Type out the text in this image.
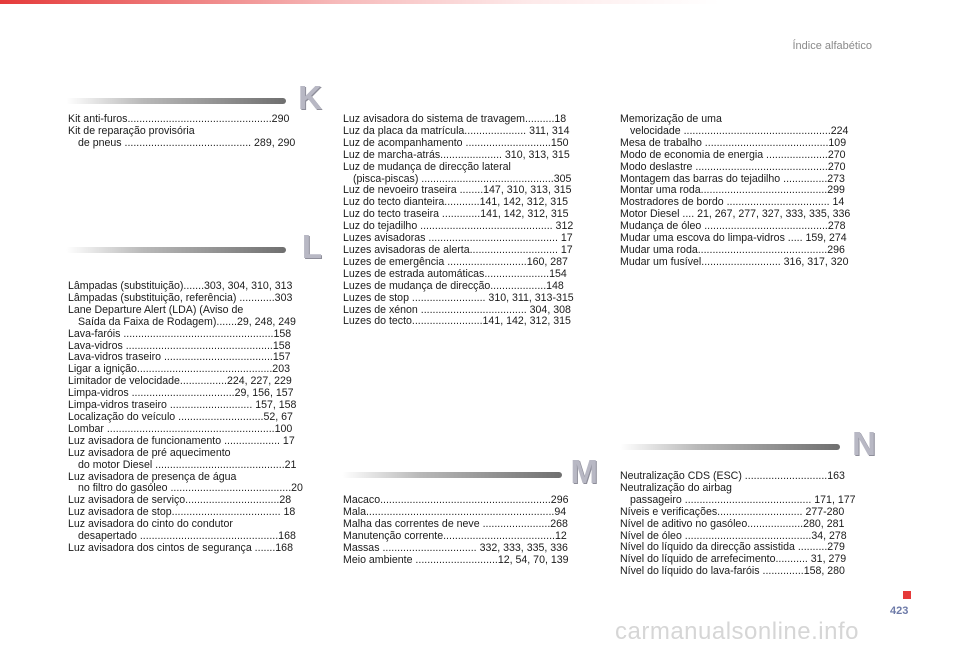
Índice alfabético
K
Kit anti-furos.................................................290
Kit de reparação provisória
de pneus ........................................... 289, 290
L
Lâmpadas (substituição).......303, 304, 310, 313
Lâmpadas (substituição, referência) ............303
Lane Departure Alert (LDA) (Aviso de
Saída da Faixa de Rodagem).......29, 248, 249
Lava-faróis ...................................................158
Lava-vidros ..................................................158
Lava-vidros traseiro .....................................157
Ligar a ignição..............................................203
Limitador de velocidade................224, 227, 229
Limpa-vidros ...................................29, 156, 157
Limpa-vidros traseiro ............................ 157, 158
Localização do veículo .............................52, 67
Lombar .........................................................100
Luz avisadora de funcionamento ................... 17
Luz avisadora de pré aquecimento
do motor Diesel ............................................21
Luz avisadora de presença de água
no filtro do gasóleo .........................................20
Luz avisadora de serviço................................28
Luz avisadora de stop..................................... 18
Luz avisadora do cinto do condutor
desapertado ...............................................168
Luz avisadora dos cintos de segurança .......168
Luz avisadora do sistema de travagem..........18
Luz da placa da matrícula..................... 311, 314
Luz de acompanhamento .............................150
Luz de marcha-atrás..................... 310, 313, 315
Luz de mudança de direcção lateral
(pisca-piscas) .............................................305
Luz de nevoeiro traseira ........147, 310, 313, 315
Luz do tecto dianteira............141, 142, 312, 315
Luz do tecto traseira .............141, 142, 312, 315
Luz do tejadilho ............................................. 312
Luzes avisadoras ............................................ 17
Luzes avisadoras de alerta.............................. 17
Luzes de emergência ...........................160, 287
Luzes de estrada automáticas......................154
Luzes de mudança de direcção...................148
Luzes de stop ......................... 310, 311, 313-315
Luzes de xénon .................................... 304, 308
Luzes do tecto........................141, 142, 312, 315
M
Macaco..........................................................296
Mala................................................................94
Malha das correntes de neve .......................268
Manutenção corrente......................................12
Massas ................................ 332, 333, 335, 336
Meio ambiente ............................12, 54, 70, 139
Memorização de uma
velocidade ..................................................224
Mesa de trabalho ..........................................109
Modo de economia de energia .....................270
Modo deslastre .............................................270
Montagem das barras do tejadilho ...............273
Montar uma roda...........................................299
Mostradores de bordo ................................... 14
Motor Diesel .... 21, 267, 277, 327, 333, 335, 336
Mudança de óleo ..........................................278
Mudar uma escova do limpa-vidros ..... 159, 274
Mudar uma roda............................................296
Mudar um fusível........................... 316, 317, 320
N
Neutralização CDS (ESC) ............................163
Neutralização do airbag
passageiro ........................................... 171, 177
Níveis e verificações............................. 277-280
Nível de aditivo no gasóleo...................280, 281
Nível de óleo ...........................................34, 278
Nível do líquido da direcção assistida ..........279
Nível do líquido de arrefecimento........... 31, 279
Nível do líquido do lava-faróis ..............158, 280
423
carmanualsonline.info
